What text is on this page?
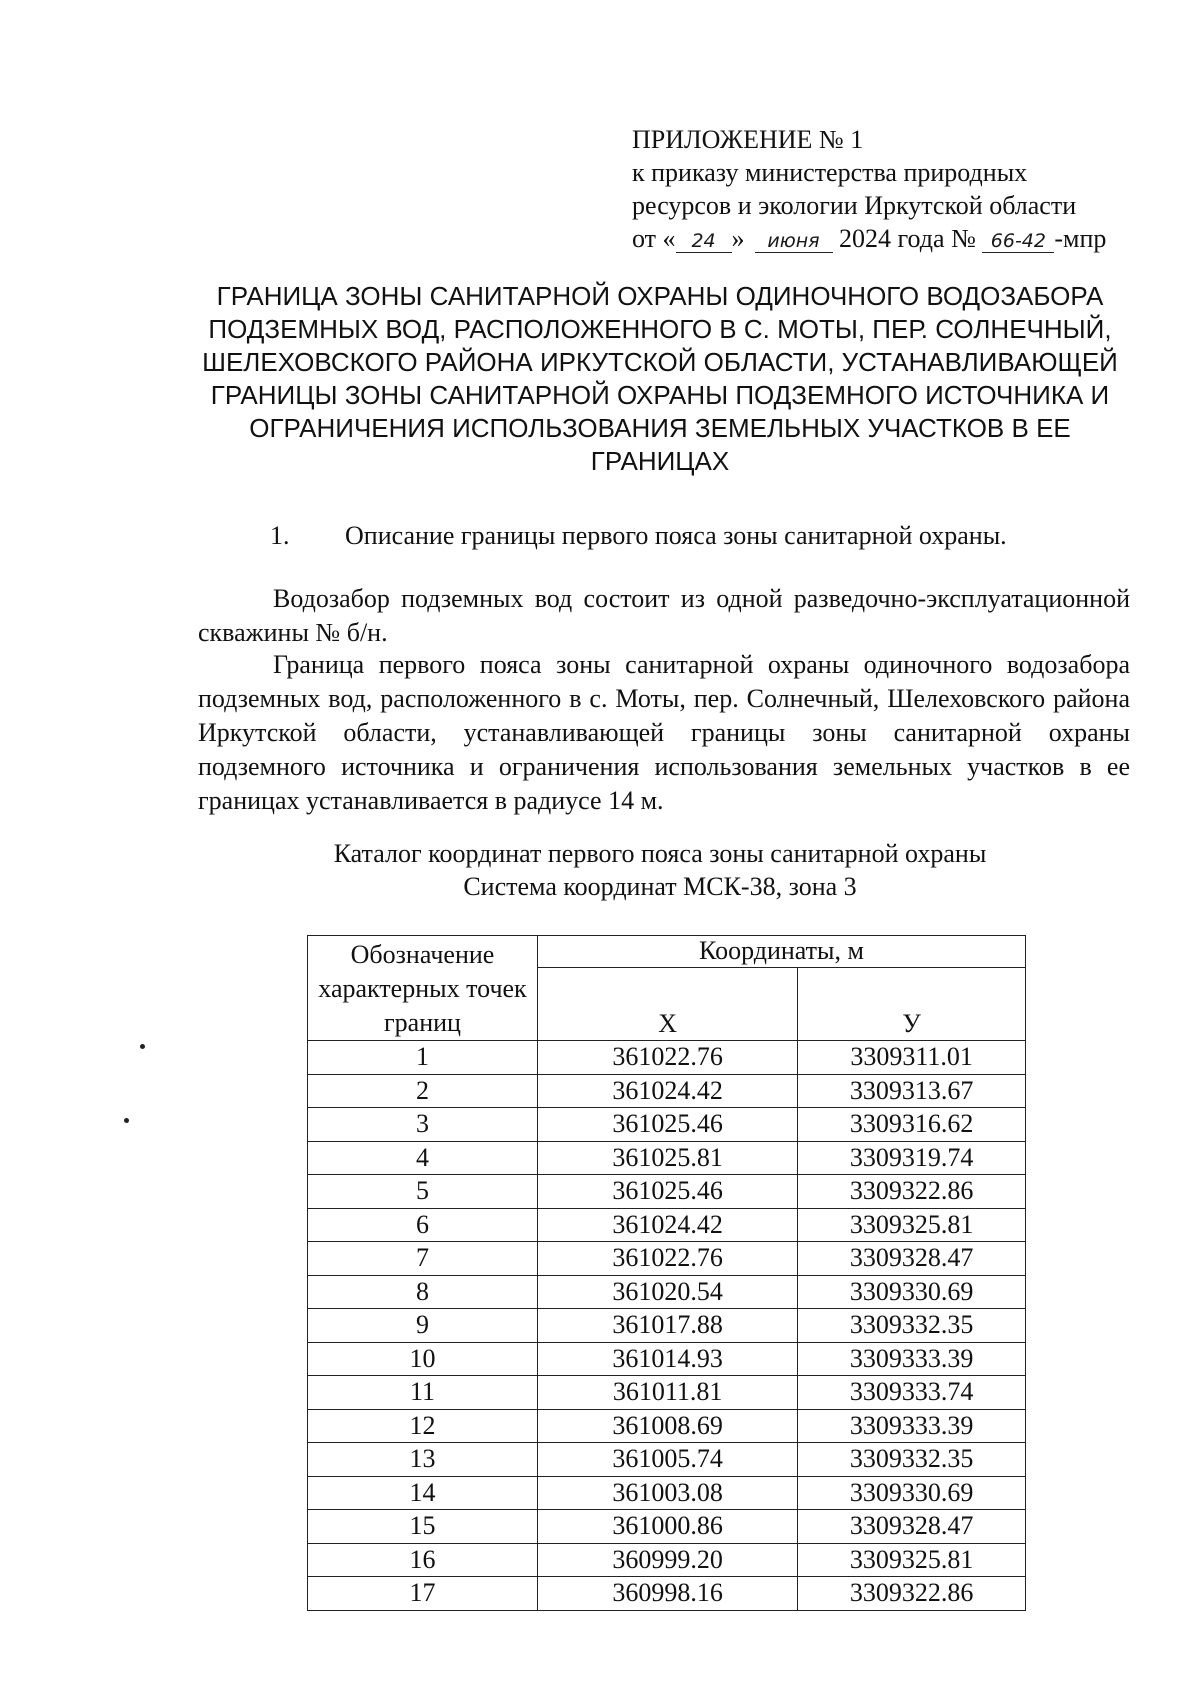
ПРИЛОЖЕНИЕ № 1
к приказу министерства природных
ресурсов и экологии Иркутской области
от « 24 » июня 2024 года № 66-42 -мпр
ГРАНИЦА ЗОНЫ САНИТАРНОЙ ОХРАНЫ ОДИНОЧНОГО ВОДОЗАБОРА ПОДЗЕМНЫХ ВОД, РАСПОЛОЖЕННОГО В С. МОТЫ, ПЕР. СОЛНЕЧНЫЙ, ШЕЛЕХОВСКОГО РАЙОНА ИРКУТСКОЙ ОБЛАСТИ, УСТАНАВЛИВАЮЩЕЙ ГРАНИЦЫ ЗОНЫ САНИТАРНОЙ ОХРАНЫ ПОДЗЕМНОГО ИСТОЧНИКА И ОГРАНИЧЕНИЯ ИСПОЛЬЗОВАНИЯ ЗЕМЕЛЬНЫХ УЧАСТКОВ В ЕЕ ГРАНИЦАХ
1. Описание границы первого пояса зоны санитарной охраны.

Водозабор подземных вод состоит из одной разведочно-эксплуатационной скважины № б/н.

Граница первого пояса зоны санитарной охраны одиночного водозабора подземных вод, расположенного в с. Моты, пер. Солнечный, Шелеховского района Иркутской области, устанавливающей границы зоны санитарной охраны подземного источника и ограничения использования земельных участков в ее границах устанавливается в радиусе 14 м.

Каталог координат первого пояса зоны санитарной охраны
Система координат МСК-38, зона 3
Обозначение характерных точек границ	Координаты, м	
	Х	У
1	361022.76	3309311.01
2	361024.42	3309313.67
3	361025.46	3309316.62
4	361025.81	3309319.74
5	361025.46	3309322.86
6	361024.42	3309325.81
7	361022.76	3309328.47
8	361020.54	3309330.69
9	361017.88	3309332.35
10	361014.93	3309333.39
11	361011.81	3309333.74
12	361008.69	3309333.39
13	361005.74	3309332.35
14	361003.08	3309330.69
15	361000.86	3309328.47
16	360999.20	3309325.81
17	360998.16	3309322.86
